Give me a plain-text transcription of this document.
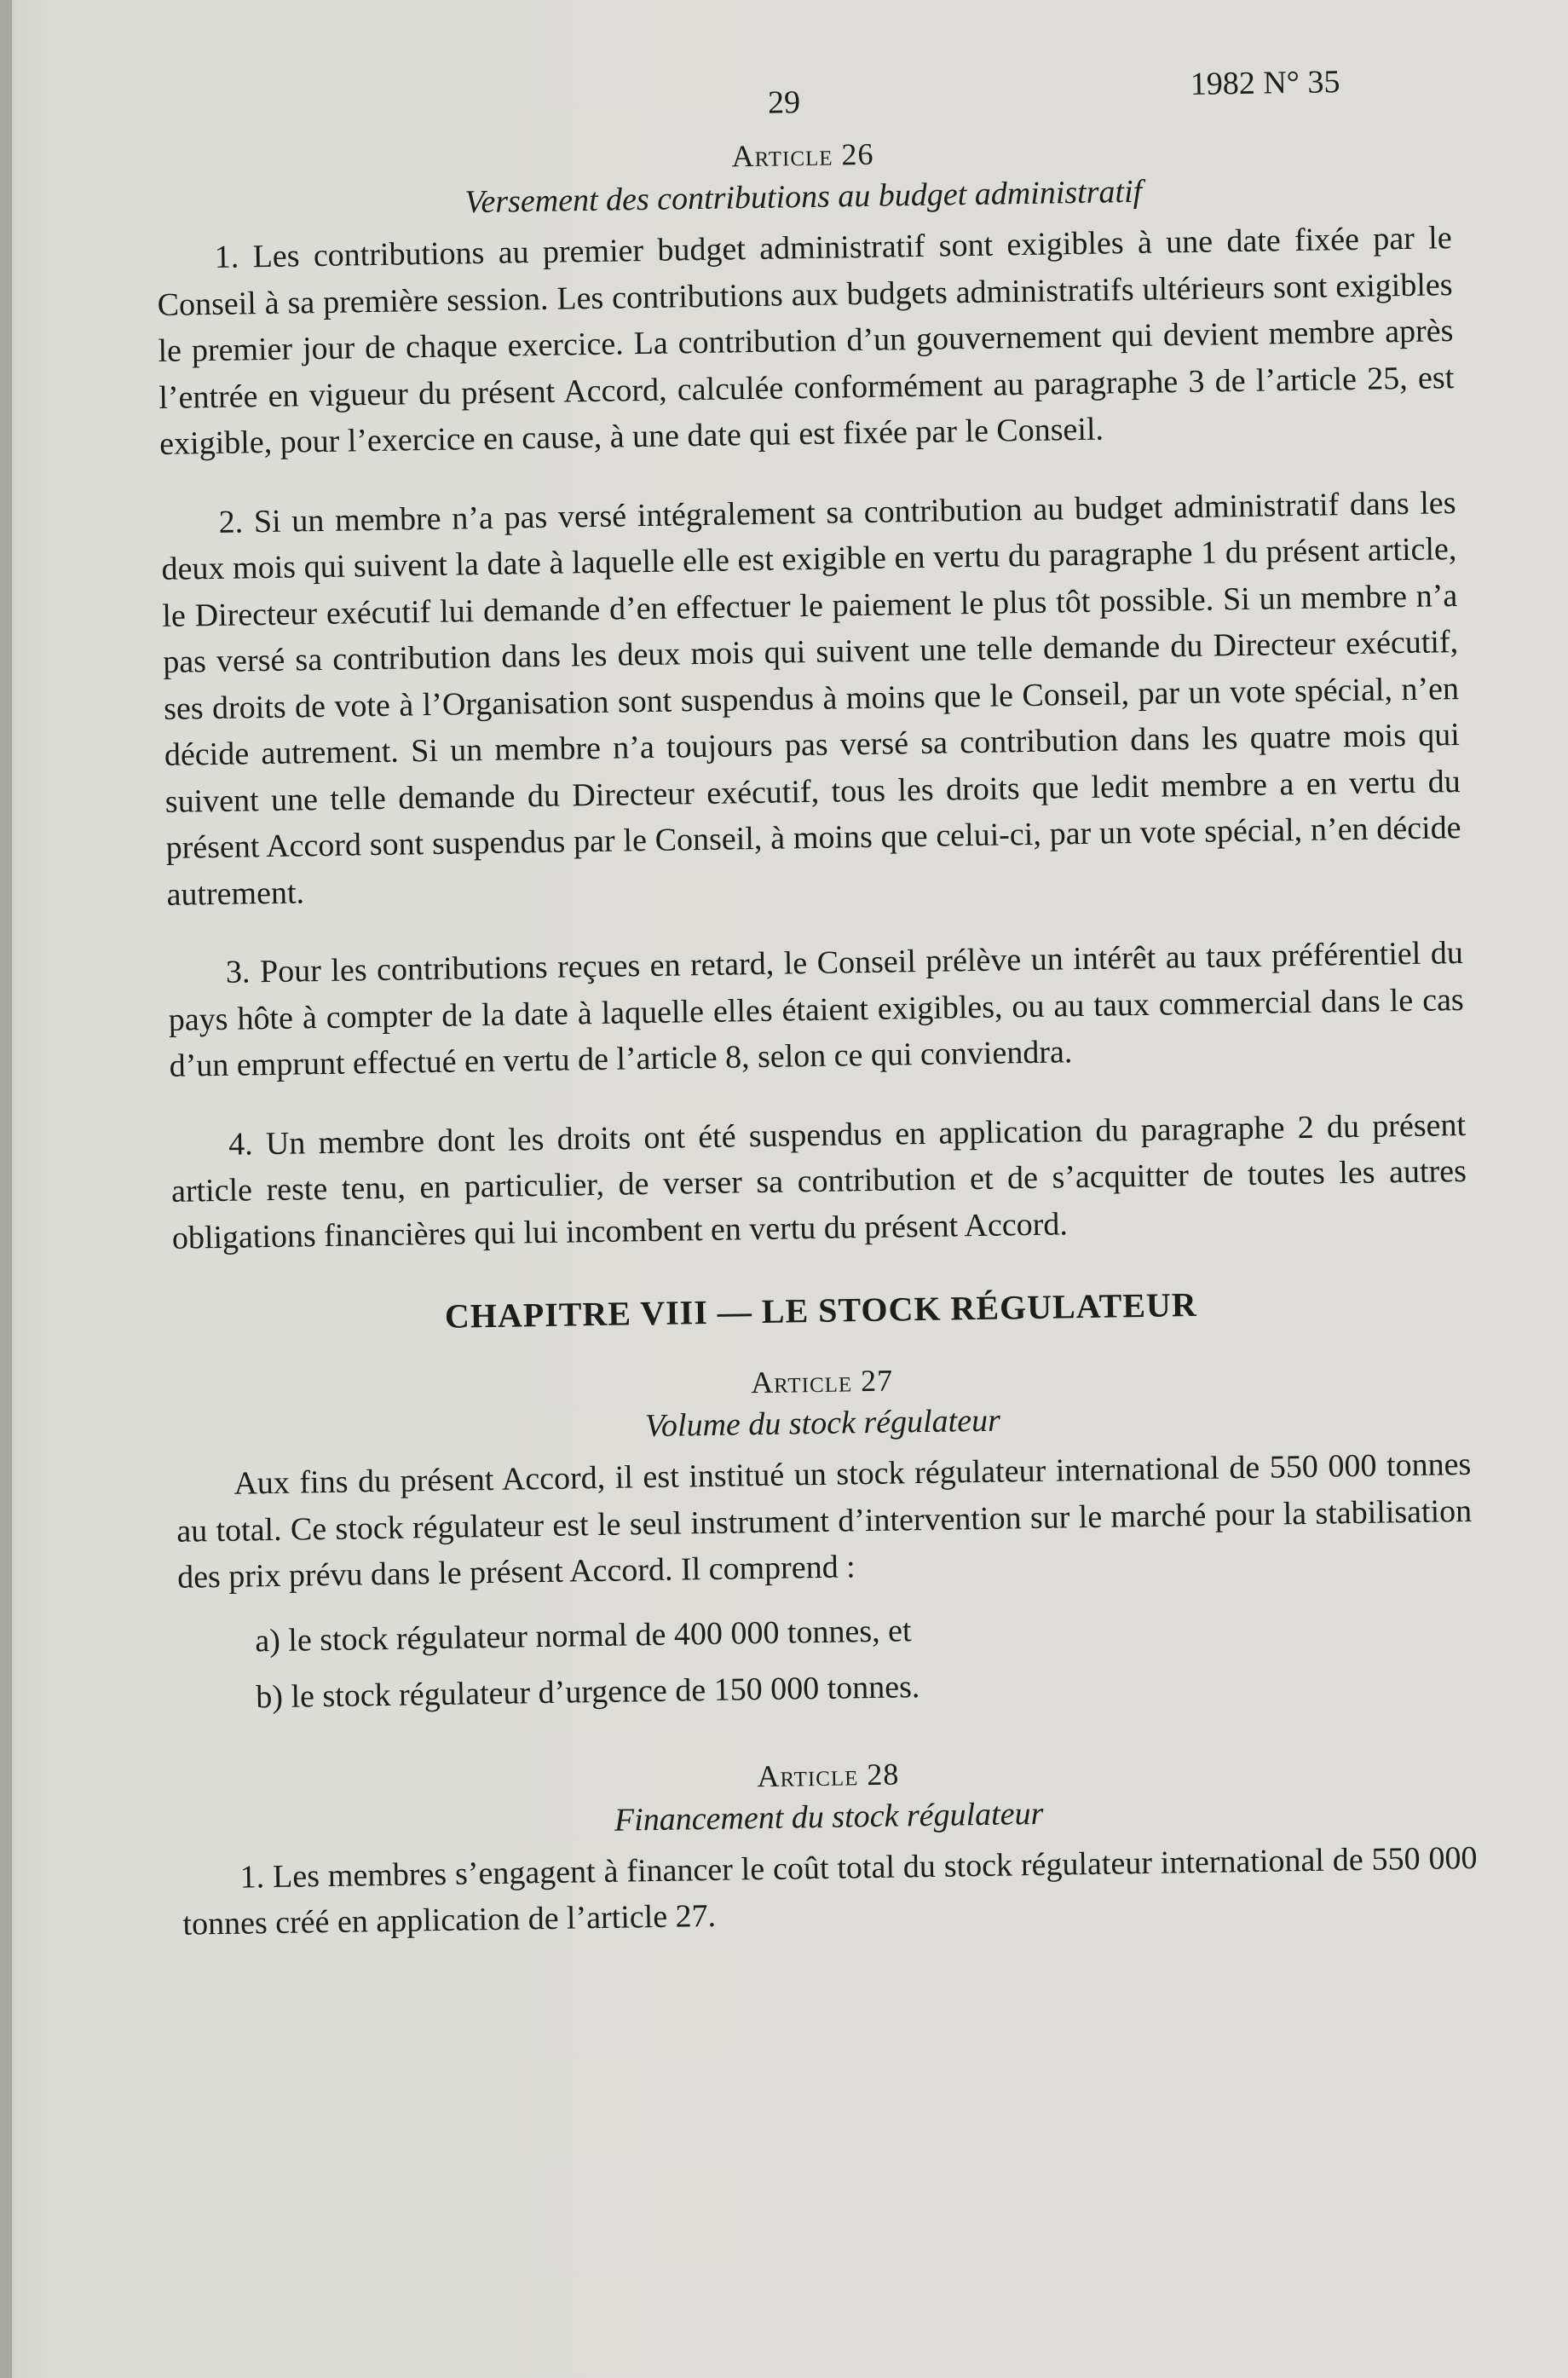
29
1982 N° 35

Article 26

Versement des contributions au budget administratif

1. Les contributions au premier budget administratif sont exigibles à une date fixée par le Conseil à sa première session. Les contributions aux budgets administratifs ultérieurs sont exigibles le premier jour de chaque exercice. La contribution d’un gouvernement qui devient membre après l’entrée en vigueur du présent Accord, calculée conformément au paragraphe 3 de l’article 25, est exigible, pour l’exercice en cause, à une date qui est fixée par le Conseil.

2. Si un membre n’a pas versé intégralement sa contribution au budget administratif dans les deux mois qui suivent la date à laquelle elle est exigible en vertu du paragraphe 1 du présent article, le Directeur exécutif lui demande d’en effectuer le paiement le plus tôt possible. Si un membre n’a pas versé sa contribution dans les deux mois qui suivent une telle demande du Directeur exécutif, ses droits de vote à l’Organisation sont suspendus à moins que le Conseil, par un vote spécial, n’en décide autrement. Si un membre n’a toujours pas versé sa contribution dans les quatre mois qui suivent une telle demande du Directeur exécutif, tous les droits que ledit membre a en vertu du présent Accord sont suspendus par le Conseil, à moins que celui-ci, par un vote spécial, n’en décide autrement.

3. Pour les contributions reçues en retard, le Conseil prélève un intérêt au taux préférentiel du pays hôte à compter de la date à laquelle elles étaient exigibles, ou au taux commercial dans le cas d’un emprunt effectué en vertu de l’article 8, selon ce qui conviendra.

4. Un membre dont les droits ont été suspendus en application du paragraphe 2 du présent article reste tenu, en particulier, de verser sa contribution et de s’acquitter de toutes les autres obligations financières qui lui incombent en vertu du présent Accord.

CHAPITRE VIII — LE STOCK RÉGULATEUR

Article 27

Volume du stock régulateur

Aux fins du présent Accord, il est institué un stock régulateur international de 550 000 tonnes au total. Ce stock régulateur est le seul instrument d’intervention sur le marché pour la stabilisation des prix prévu dans le présent Accord. Il comprend :

a) le stock régulateur normal de 400 000 tonnes, et
b) le stock régulateur d’urgence de 150 000 tonnes.

Article 28

Financement du stock régulateur

1. Les membres s’engagent à financer le coût total du stock régulateur international de 550 000 tonnes créé en application de l’article 27.
